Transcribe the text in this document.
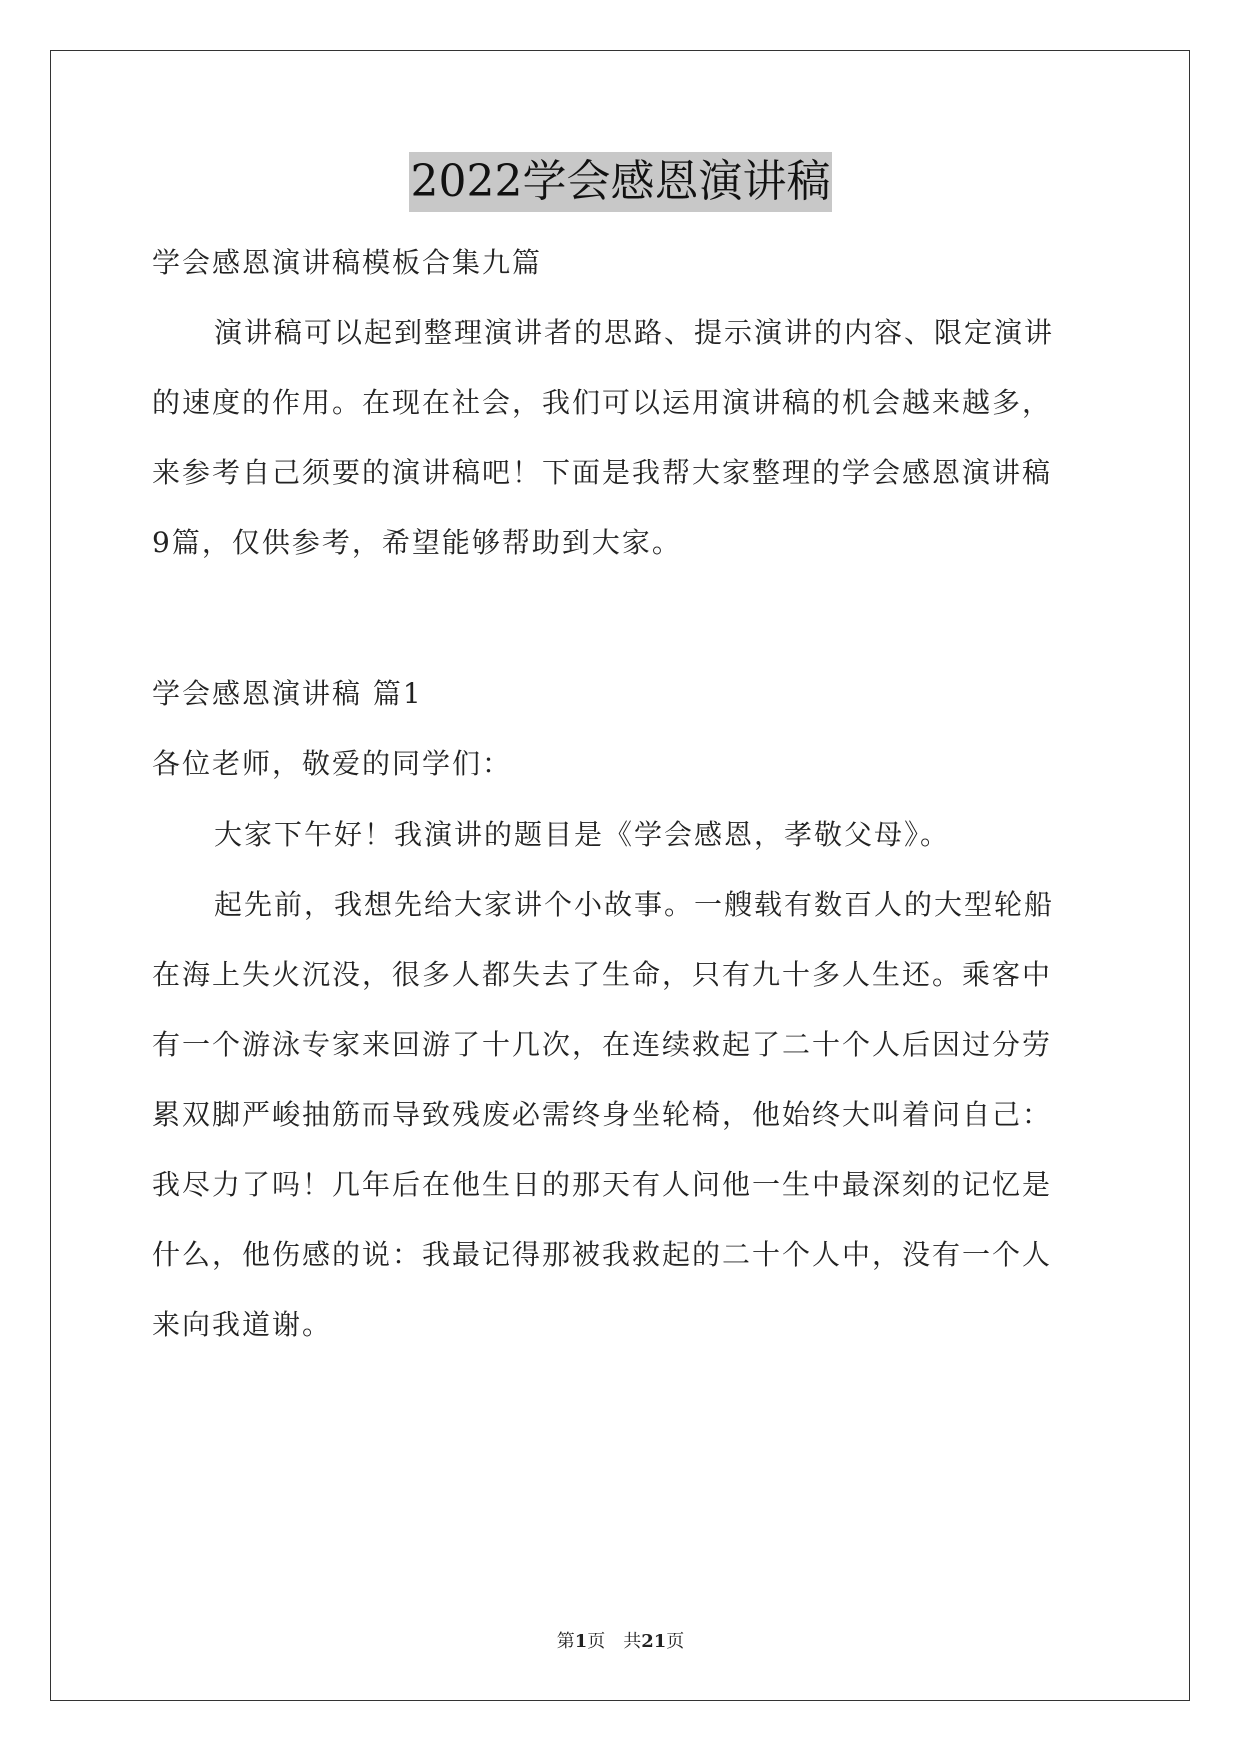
2022学会感恩演讲稿
学会感恩演讲稿模板合集九篇
演讲稿可以起到整理演讲者的思路、提示演讲的内容、限定演讲
的速度的作用。在现在社会，我们可以运用演讲稿的机会越来越多，
来参考自己须要的演讲稿吧！下面是我帮大家整理的学会感恩演讲稿
9篇，仅供参考，希望能够帮助到大家。
学会感恩演讲稿 篇1
各位老师，敬爱的同学们：
大家下午好！我演讲的题目是《学会感恩，孝敬父母》。
起先前，我想先给大家讲个小故事。一艘载有数百人的大型轮船
在海上失火沉没，很多人都失去了生命，只有九十多人生还。乘客中
有一个游泳专家来回游了十几次，在连续救起了二十个人后因过分劳
累双脚严峻抽筋而导致残废必需终身坐轮椅，他始终大叫着问自己：
我尽力了吗！几年后在他生日的那天有人问他一生中最深刻的记忆是
什么，他伤感的说：我最记得那被我救起的二十个人中，没有一个人
来向我道谢。
第1页 共21页
